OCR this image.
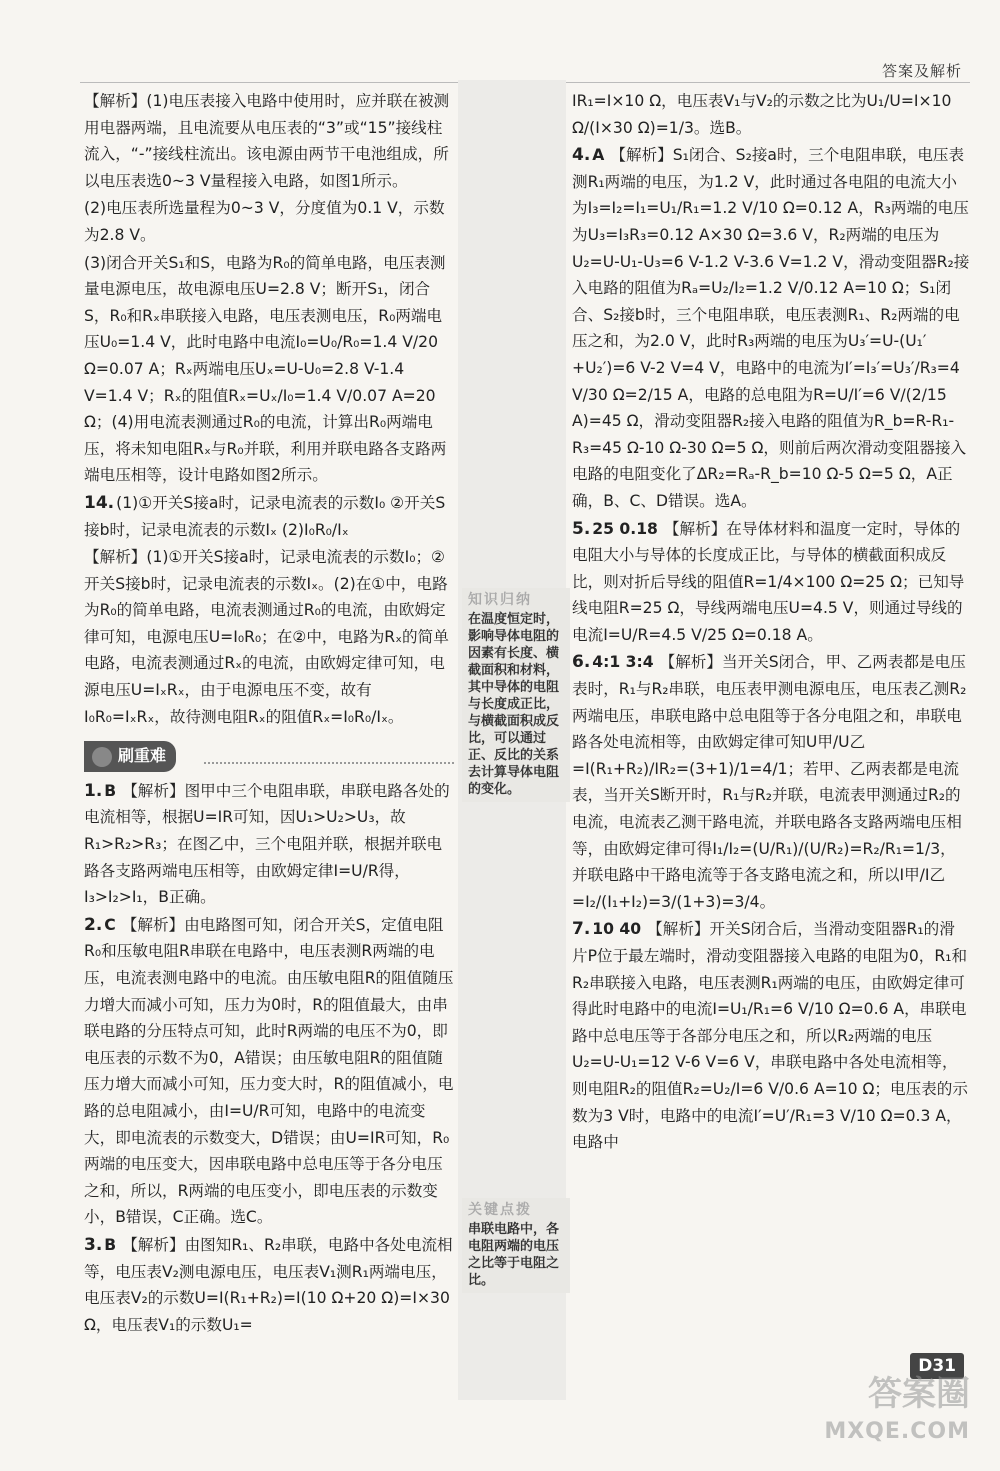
答案及解析
【解析】(1)电压表接入电路中使用时，应并联在被测用电器两端，且电流要从电压表的“3”或“15”接线柱流入，“-”接线柱流出。该电源由两节干电池组成，所以电压表选0~3 V量程接入电路，如图1所示。
(2)电压表所选量程为0~3 V，分度值为0.1 V，示数为2.8 V。
(3)闭合开关S₁和S，电路为R₀的简单电路，电压表测量电源电压，故电源电压U=2.8 V；断开S₁，闭合S，R₀和Rₓ串联接入电路，电压表测电压，R₀两端电压U₀=1.4 V，此时电路中电流I₀=U₀/R₀=1.4 V/20 Ω=0.07 A；Rₓ两端电压Uₓ=U-U₀=2.8 V-1.4 V=1.4 V；Rₓ的阻值Rₓ=Uₓ/I₀=1.4 V/0.07 A=20 Ω；(4)用电流表测通过R₀的电流，计算出R₀两端电压，将未知电阻Rₓ与R₀并联，利用并联电路各支路两端电压相等，设计电路如图2所示。
14. (1)①开关S接a时，记录电流表的示数I₀ ②开关S接b时，记录电流表的示数Iₓ (2)I₀R₀/Iₓ
【解析】(1)①开关S接a时，记录电流表的示数I₀；②开关S接b时，记录电流表的示数Iₓ。(2)在①中，电路为R₀的简单电路，电流表测通过R₀的电流，由欧姆定律可知，电源电压U=I₀R₀；在②中，电路为Rₓ的简单电路，电流表测通过Rₓ的电流，由欧姆定律可知，电源电压U=IₓRₓ，由于电源电压不变，故有I₀R₀=IₓRₓ，故待测电阻Rₓ的阻值Rₓ=I₀R₀/Iₓ。
刷重难
1. B 【解析】图甲中三个电阻串联，串联电路各处的电流相等，根据U=IR可知，因U₁>U₂>U₃，故R₁>R₂>R₃；在图乙中，三个电阻并联，根据并联电路各支路两端电压相等，由欧姆定律I=U/R得，I₃>I₂>I₁，B正确。
2. C 【解析】由电路图可知，闭合开关S，定值电阻R₀和压敏电阻R串联在电路中，电压表测R两端的电压，电流表测电路中的电流。由压敏电阻R的阻值随压力增大而减小可知，压力为0时，R的阻值最大，由串联电路的分压特点可知，此时R两端的电压不为0，即电压表的示数不为0，A错误；由压敏电阻R的阻值随压力增大而减小可知，压力变大时，R的阻值减小，电路的总电阻减小，由I=U/R可知，电路中的电流变大，即电流表的示数变大，D错误；由U=IR可知，R₀两端的电压变大，因串联电路中总电压等于各分电压之和，所以，R两端的电压变小，即电压表的示数变小，B错误，C正确。选C。
3. B 【解析】由图知R₁、R₂串联，电路中各处电流相等，电压表V₂测电源电压，电压表V₁测R₁两端电压，电压表V₂的示数U=I(R₁+R₂)=I(10 Ω+20 Ω)=I×30 Ω，电压表V₁的示数U₁=
IR₁=I×10 Ω，电压表V₁与V₂的示数之比为U₁/U=I×10 Ω/(I×30 Ω)=1/3。选B。
4. A 【解析】S₁闭合、S₂接a时，三个电阻串联，电压表测R₁两端的电压，为1.2 V，此时通过各电阻的电流大小为I₃=I₂=I₁=U₁/R₁=1.2 V/10 Ω=0.12 A，R₃两端的电压为U₃=I₃R₃=0.12 A×30 Ω=3.6 V，R₂两端的电压为U₂=U-U₁-U₃=6 V-1.2 V-3.6 V=1.2 V，滑动变阻器R₂接入电路的阻值为Rₐ=U₂/I₂=1.2 V/0.12 A=10 Ω；S₁闭合、S₂接b时，三个电阻串联，电压表测R₁、R₂两端的电压之和，为2.0 V，此时R₃两端的电压为U₃′=U-(U₁′+U₂′)=6 V-2 V=4 V，电路中的电流为I′=I₃′=U₃′/R₃=4 V/30 Ω=2/15 A，电路的总电阻为R=U/I′=6 V/(2/15 A)=45 Ω，滑动变阻器R₂接入电路的阻值为R_b=R-R₁-R₃=45 Ω-10 Ω-30 Ω=5 Ω，则前后两次滑动变阻器接入电路的电阻变化了ΔR₂=Rₐ-R_b=10 Ω-5 Ω=5 Ω，A正确，B、C、D错误。选A。
5. 25 0.18 【解析】在导体材料和温度一定时，导体的电阻大小与导体的长度成正比，与导体的横截面积成反比，则对折后导线的阻值R=1/4×100 Ω=25 Ω；已知导线电阻R=25 Ω，导线两端电压U=4.5 V，则通过导线的电流I=U/R=4.5 V/25 Ω=0.18 A。
6. 4:1 3:4 【解析】当开关S闭合，甲、乙两表都是电压表时，R₁与R₂串联，电压表甲测电源电压，电压表乙测R₂两端电压，串联电路中总电阻等于各分电阻之和，串联电路各处电流相等，由欧姆定律可知U甲/U乙=I(R₁+R₂)/IR₂=(3+1)/1=4/1；若甲、乙两表都是电流表，当开关S断开时，R₁与R₂并联，电流表甲测通过R₂的电流，电流表乙测干路电流，并联电路各支路两端电压相等，由欧姆定律可得I₁/I₂=(U/R₁)/(U/R₂)=R₂/R₁=1/3，并联电路中干路电流等于各支路电流之和，所以I甲/I乙=I₂/(I₁+I₂)=3/(1+3)=3/4。
7. 10 40 【解析】开关S闭合后，当滑动变阻器R₁的滑片P位于最左端时，滑动变阻器接入电路的电阻为0，R₁和R₂串联接入电路，电压表测R₁两端的电压，由欧姆定律可得此时电路中的电流I=U₁/R₁=6 V/10 Ω=0.6 A，串联电路中总电压等于各部分电压之和，所以R₂两端的电压U₂=U-U₁=12 V-6 V=6 V，串联电路中各处电流相等，则电阻R₂的阻值R₂=U₂/I=6 V/0.6 A=10 Ω；电压表的示数为3 V时，电路中的电流I′=U′/R₁=3 V/10 Ω=0.3 A，电路中
知识归纳
在温度恒定时，影响导体电阻的因素有长度、横截面积和材料，其中导体的电阻与长度成正比，与横截面积成反比，可以通过正、反比的关系去计算导体电阻的变化。
关键点拨
串联电路中，各电阻两端的电压之比等于电阻之比。
D31
答案圈
MXQE.COM
